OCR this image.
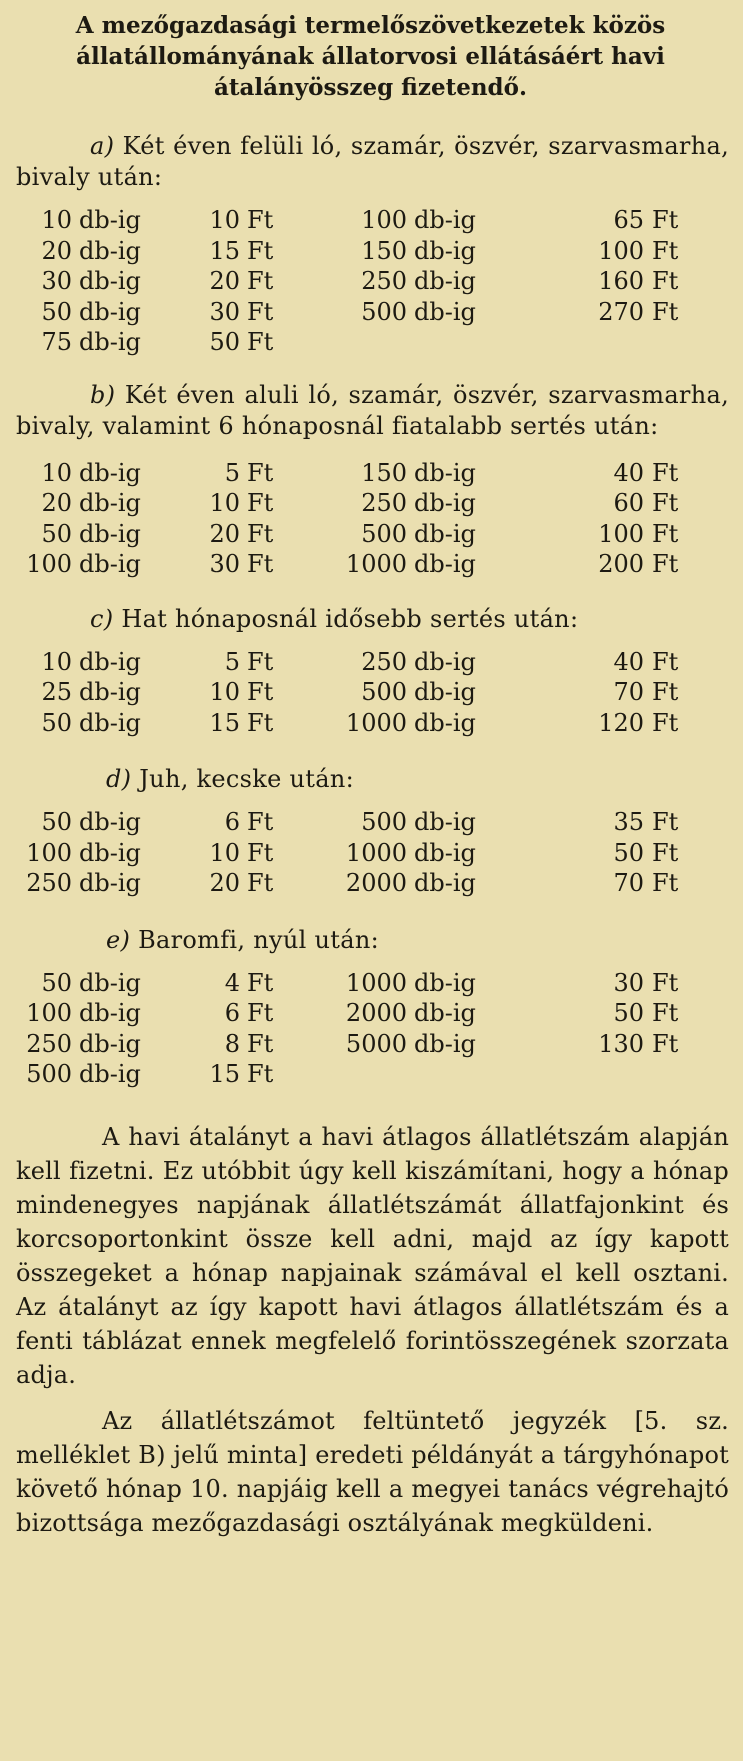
A mezőgazdasági termelőszövetkezetek közös állatállományának állatorvosi ellátásáért havi átalányösszeg fizetendő.
a) Két éven felüli ló, szamár, öszvér, szarvasmarha, bivaly után:
10	db-ig	10	Ft	100	db-ig	65	Ft
20	db-ig	15	Ft	150	db-ig	100	Ft
30	db-ig	20	Ft	250	db-ig	160	Ft
50	db-ig	30	Ft	500	db-ig	270	Ft
75	db-ig	50	Ft				
b) Két éven aluli ló, szamár, öszvér, szarvasmarha, bivaly, valamint 6 hónaposnál fiatalabb sertés után:
10	db-ig	5	Ft	150	db-ig	40	Ft
20	db-ig	10	Ft	250	db-ig	60	Ft
50	db-ig	20	Ft	500	db-ig	100	Ft
100	db-ig	30	Ft	1000	db-ig	200	Ft
c) Hat hónaposnál idősebb sertés után:
10	db-ig	5	Ft	250	db-ig	40	Ft
25	db-ig	10	Ft	500	db-ig	70	Ft
50	db-ig	15	Ft	1000	db-ig	120	Ft
d) Juh, kecske után:
50	db-ig	6	Ft	500	db-ig	35	Ft
100	db-ig	10	Ft	1000	db-ig	50	Ft
250	db-ig	20	Ft	2000	db-ig	70	Ft
e) Baromfi, nyúl után:
50	db-ig	4	Ft	1000	db-ig	30	Ft
100	db-ig	6	Ft	2000	db-ig	50	Ft
250	db-ig	8	Ft	5000	db-ig	130	Ft
500	db-ig	15	Ft				

A havi átalányt a havi átlagos állatlétszám alapján kell fizetni. Ez utóbbit úgy kell kiszámítani, hogy a hónap mindenegyes napjának állatlétszámát állatfajonkint és korcsoportonkint össze kell adni, majd az így kapott összegeket a hónap napjainak számával el kell osztani. Az átalányt az így kapott havi átlagos állatlétszám és a fenti táblázat ennek megfelelő forintösszegének szorzata adja.

Az állatlétszámot feltüntető jegyzék [5. sz. melléklet B) jelű minta] eredeti példányát a tárgyhónapot követő hónap 10. napjáig kell a megyei tanács végrehajtó bizottsága mezőgazdasági osztályának megküldeni.
